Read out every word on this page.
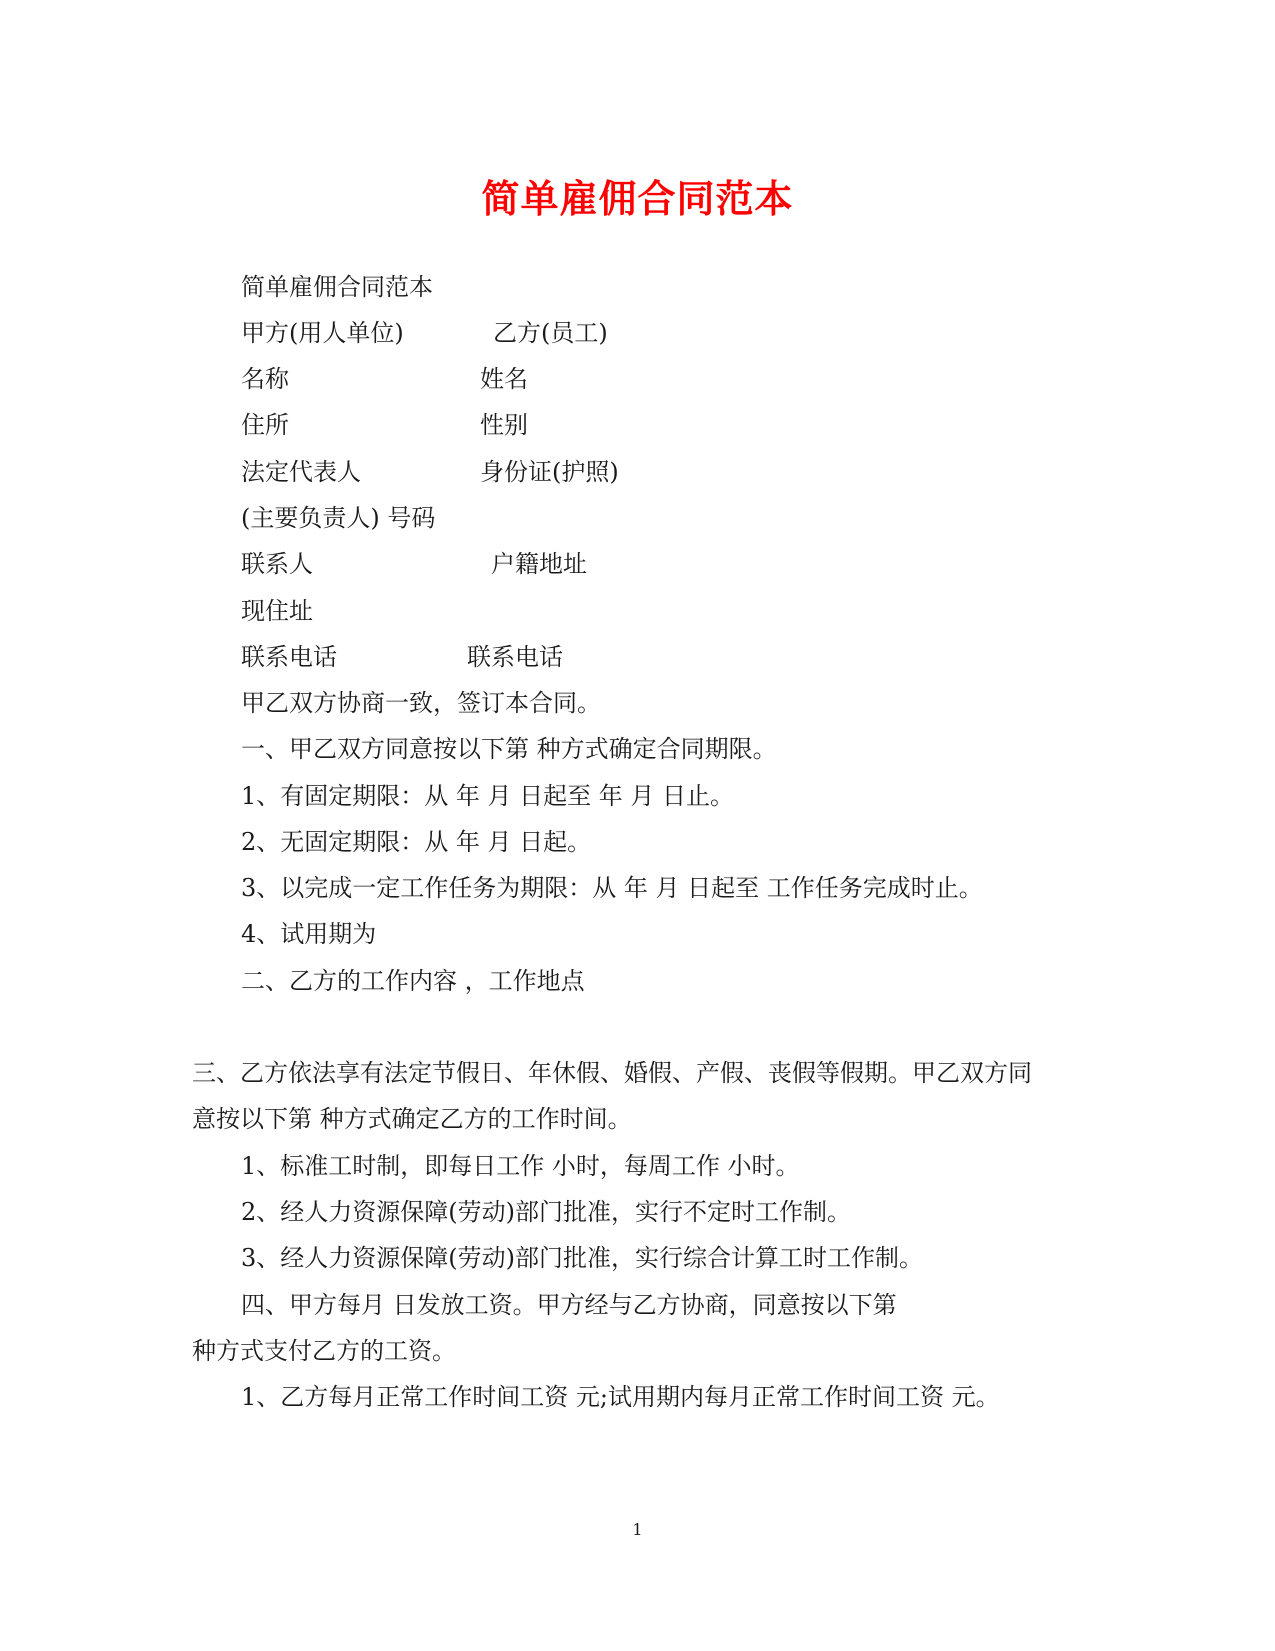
简单雇佣合同范本
简单雇佣合同范本
甲方(用人单位)	乙方(员工)
名称	姓名
住所	性别
法定代表人	身份证(护照)
(主要负责人) 号码
联系人	户籍地址
现住址
联系电话	联系电话
甲乙双方协商一致，签订本合同。
一、甲乙双方同意按以下第 种方式确定合同期限。
1、有固定期限：从 年 月 日起至 年 月 日止。
2、无固定期限：从 年 月 日起。
3、以完成一定工作任务为期限：从 年 月 日起至 工作任务完成时止。
4、试用期为
二、乙方的工作内容 ，工作地点
三、乙方依法享有法定节假日、年休假、婚假、产假、丧假等假期。甲乙双方同
意按以下第 种方式确定乙方的工作时间。
1、标准工时制，即每日工作 小时，每周工作 小时。
2、经人力资源保障(劳动)部门批准，实行不定时工作制。
3、经人力资源保障(劳动)部门批准，实行综合计算工时工作制。
四、甲方每月 日发放工资。甲方经与乙方协商，同意按以下第
种方式支付乙方的工资。
1、乙方每月正常工作时间工资 元;试用期内每月正常工作时间工资 元。
1
